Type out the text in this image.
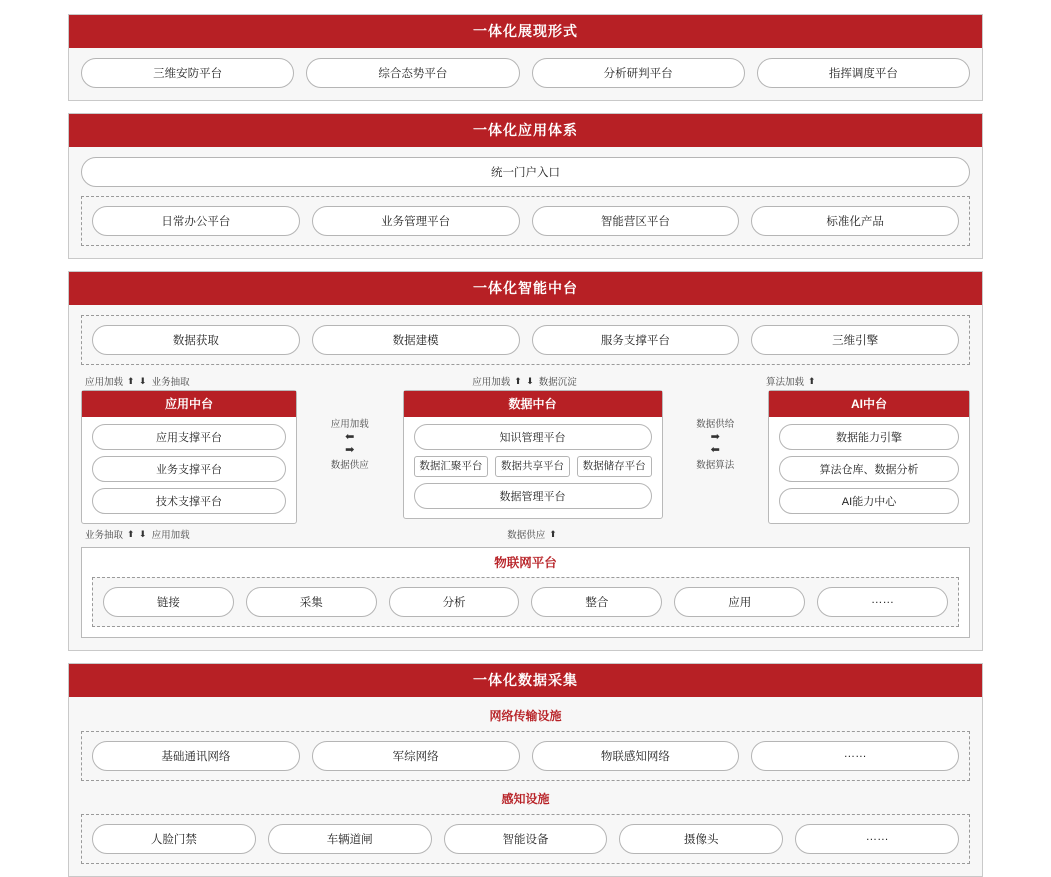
一体化展现形式
三维安防平台	综合态势平台	分析研判平台	指挥调度平台
一体化应用体系
统一门户入口
日常办公平台	业务管理平台	智能营区平台	标准化产品
一体化智能中台
数据获取	数据建模	服务支撑平台	三维引擎
应用加载 ⬆ ⬇ 业务抽取	应用加载 ⬆ ⬇ 数据沉淀	算法加载 ⬆
应用中台
应用支撑平台
业务支撑平台
技术支撑平台
应用加载
⬅
➡
数据供应
数据中台
知识管理平台
数据汇聚平台	数据共享平台	数据储存平台
数据管理平台
数据供给
➡
⬅
数据算法
AI中台
数据能力引擎
算法仓库、数据分析
AI能力中心
业务抽取 ⬆ ⬇ 应用加载	数据供应 ⬆
物联网平台
链接	采集	分析	整合	应用	……
一体化数据采集
网络传输设施
基础通讯网络	军综网络	物联感知网络	……
感知设施
人脸门禁	车辆道闸	智能设备	摄像头	……
